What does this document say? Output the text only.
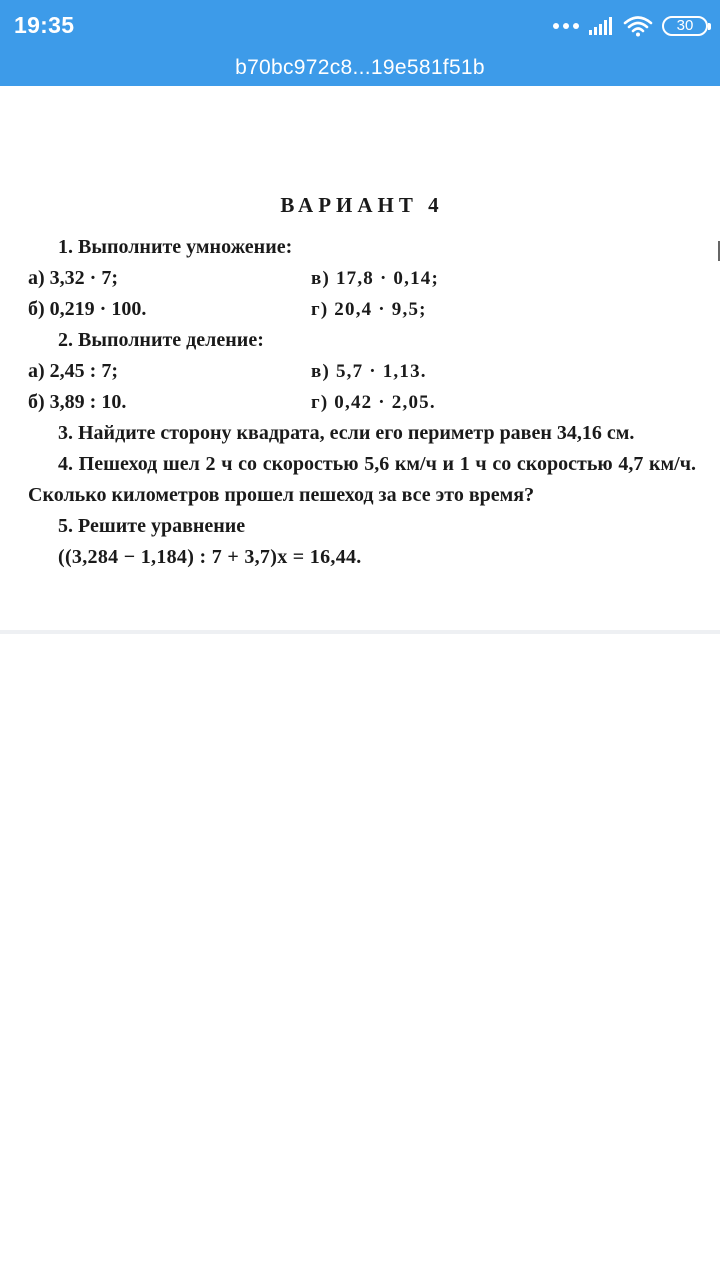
19:35	30
b70bc972c8...19e581f51b
ВАРИАНТ 4
1. Выполните умножение:
а) 3,32 · 7;	в) 17,8 · 0,14;
б) 0,219 · 100.	г) 20,4 · 9,5;
2. Выполните деление:
а) 2,45 : 7;	в) 5,7 · 1,13.
б) 3,89 : 10.	г) 0,42 · 2,05.
3. Найдите сторону квадрата, если его периметр равен 34,16 см.
4. Пешеход шел 2 ч со скоростью 5,6 км/ч и 1 ч со скоростью 4,7 км/ч. Сколько километров прошел пешеход за все это время?
5. Решите уравнение
((3,284 − 1,184) : 7 + 3,7)x = 16,44.
